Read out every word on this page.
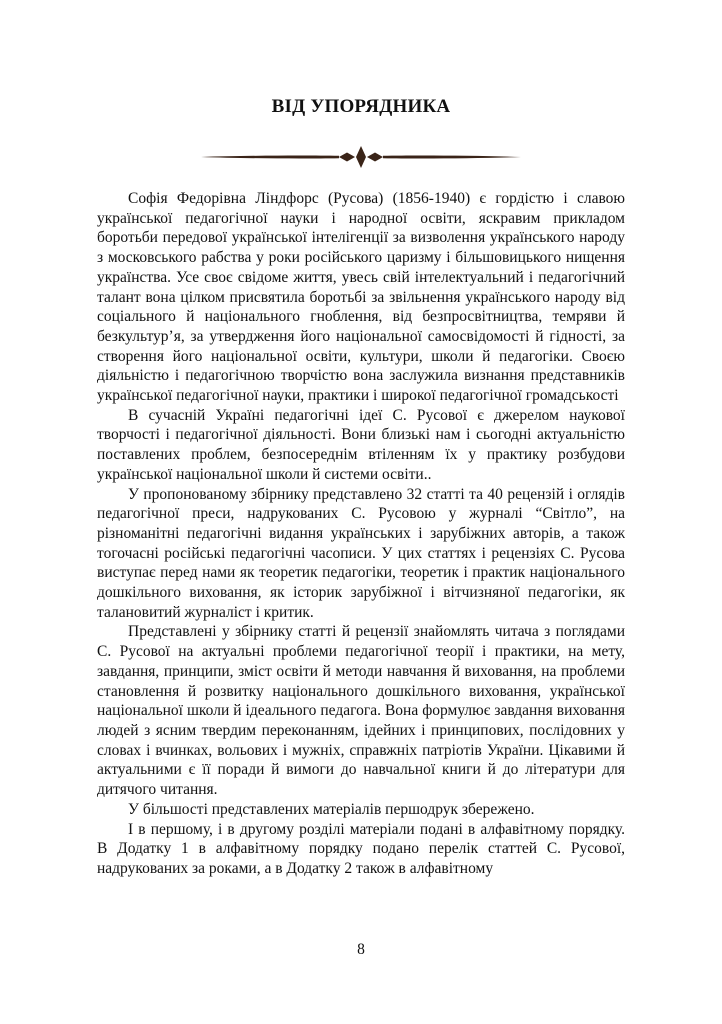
ВІД УПОРЯДНИКА

Софія Федорівна Ліндфорс (Русова) (1856-1940) є гордістю і славою української педагогічної науки і народної освіти, яскравим прикладом боротьби передової української інтелігенції за визволення українського народу з московського рабства у роки російського царизму і більшовицького нищення українства. Усе своє свідоме життя, увесь свій інтелектуальний і педагогічний талант вона цілком присвятила боротьбі за звільнення українського народу від соціального й національного гноблення, від безпросвітництва, темряви й безкультур’я, за утвердження його національної самосвідомості й гідності, за створення його національної освіти, культури, школи й педагогіки. Своєю діяльністю і педагогічною творчістю вона заслужила визнання представників української педагогічної науки, практики і широкої педагогічної громадськості

В сучасній Україні педагогічні ідеї С. Русової є джерелом наукової творчості і педагогічної діяльності. Вони близькі нам і сьогодні актуальністю поставлених проблем, безпосереднім втіленням їх у практику розбудови української національної школи й системи освіти..

У пропонованому збірнику представлено 32 статті та 40 рецензій і оглядів педагогічної преси, надрукованих С. Русовою у журналі “Світло”, на різноманітні педагогічні видання українських і зарубіжних авторів, а також тогочасні російські педагогічні часописи. У цих статтях і рецензіях С. Русова виступає перед нами як теоретик педагогіки, теоретик і практик національного дошкільного виховання, як історик зарубіжної і вітчизняної педагогіки, як талановитий журналіст і критик.

Представлені у збірнику статті й рецензії знайомлять читача з поглядами С. Русової на актуальні проблеми педагогічної теорії і практики, на мету, завдання, принципи, зміст освіти й методи навчання й виховання, на проблеми становлення й розвитку національного дошкільного виховання, української національної школи й ідеального педагога. Вона формулює завдання виховання людей з ясним твердим переконанням, ідейних і принципових, послідовних у словах і вчинках, вольових і мужніх, справжніх патріотів України. Цікавими й актуальними є її поради й вимоги до навчальної книги й до літератури для дитячого читання.

У більшості представлених матеріалів першодрук збережено.

І в першому, і в другому розділі матеріали подані в алфавітному порядку. В Додатку 1 в алфавітному порядку подано перелік статтей С. Русової, надрукованих за роками, а в Додатку 2 також в алфавітному

8
